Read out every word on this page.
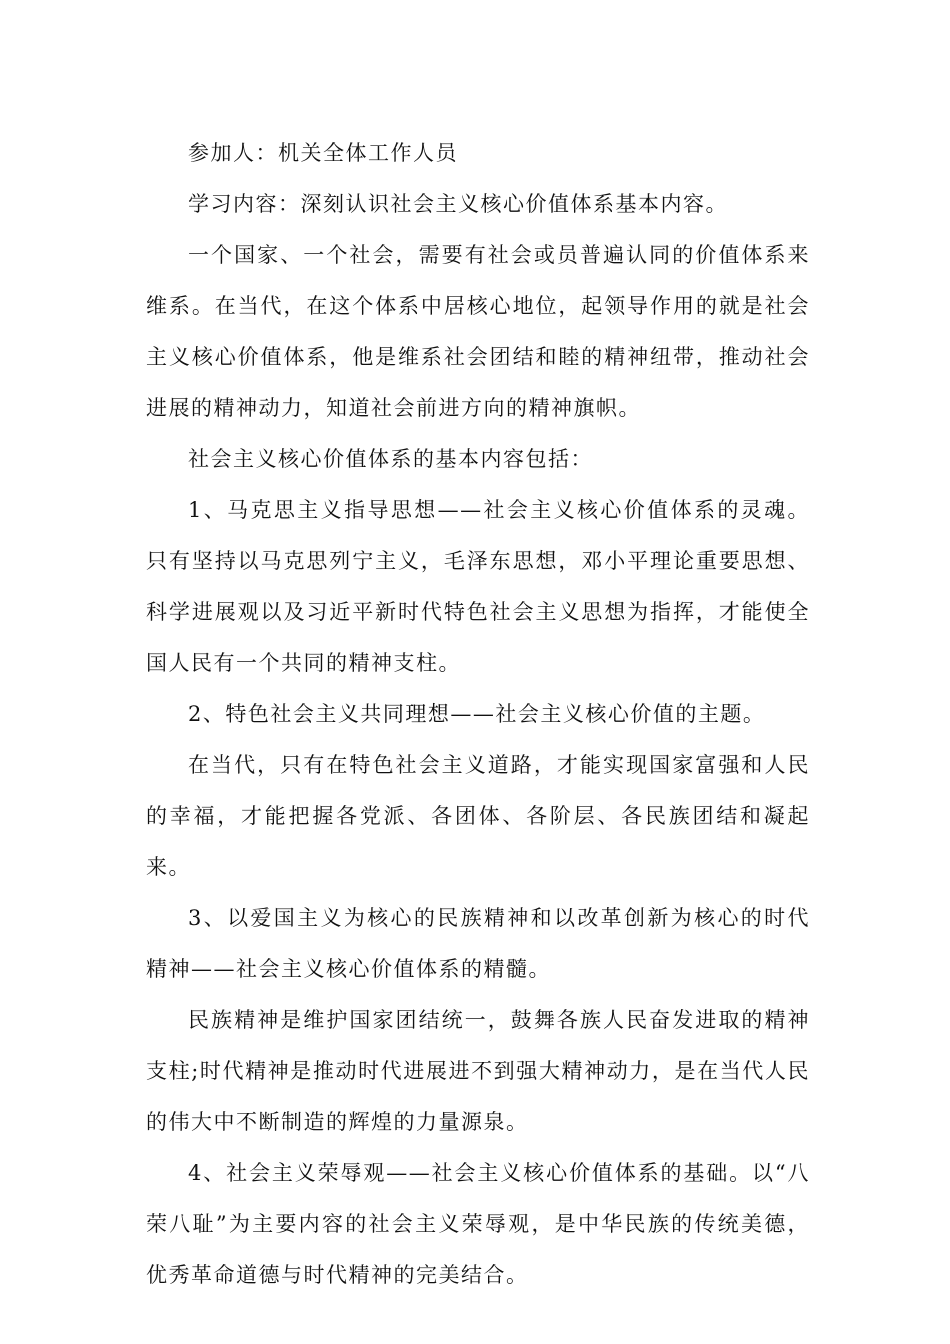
参加人：机关全体工作人员

学习内容：深刻认识社会主义核心价值体系基本内容。

一个国家、一个社会，需要有社会或员普遍认同的价值体系来维系。在当代，在这个体系中居核心地位，起领导作用的就是社会主义核心价值体系，他是维系社会团结和睦的精神纽带，推动社会进展的精神动力，知道社会前进方向的精神旗帜。

社会主义核心价值体系的基本内容包括：

1、马克思主义指导思想——社会主义核心价值体系的灵魂。只有坚持以马克思列宁主义，毛泽东思想，邓小平理论重要思想、科学进展观以及习近平新时代特色社会主义思想为指挥，才能使全国人民有一个共同的精神支柱。

2、特色社会主义共同理想——社会主义核心价值的主题。

在当代，只有在特色社会主义道路，才能实现国家富强和人民的幸福，才能把握各党派、各团体、各阶层、各民族团结和凝起来。

3、以爱国主义为核心的民族精神和以改革创新为核心的时代精神——社会主义核心价值体系的精髓。

民族精神是维护国家团结统一，鼓舞各族人民奋发进取的精神支柱;时代精神是推动时代进展进不到强大精神动力，是在当代人民的伟大中不断制造的辉煌的力量源泉。

4、社会主义荣辱观——社会主义核心价值体系的基础。以“八荣八耻”为主要内容的社会主义荣辱观，是中华民族的传统美德，优秀革命道德与时代精神的完美结合。
